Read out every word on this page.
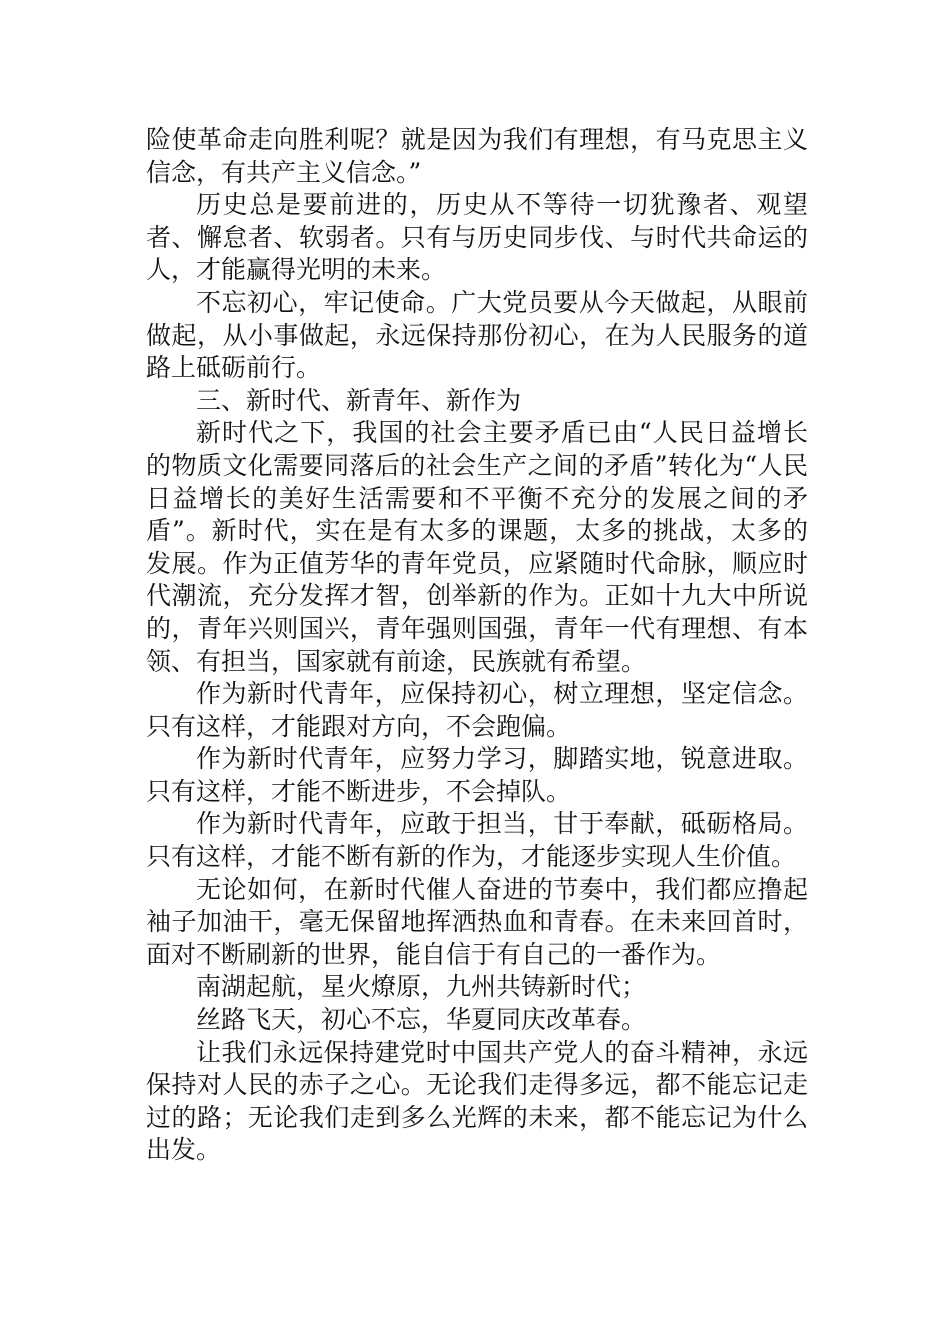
险使革命走向胜利呢？就是因为我们有理想，有马克思主义信念，有共产主义信念。”

历史总是要前进的，历史从不等待一切犹豫者、观望者、懈怠者、软弱者。只有与历史同步伐、与时代共命运的人，才能赢得光明的未来。

不忘初心，牢记使命。广大党员要从今天做起，从眼前做起，从小事做起，永远保持那份初心，在为人民服务的道路上砥砺前行。

三、新时代、新青年、新作为

新时代之下，我国的社会主要矛盾已由“人民日益增长的物质文化需要同落后的社会生产之间的矛盾”转化为“人民日益增长的美好生活需要和不平衡不充分的发展之间的矛盾”。新时代，实在是有太多的课题，太多的挑战，太多的发展。作为正值芳华的青年党员，应紧随时代命脉，顺应时代潮流，充分发挥才智，创举新的作为。正如十九大中所说的，青年兴则国兴，青年强则国强，青年一代有理想、有本领、有担当，国家就有前途，民族就有希望。

作为新时代青年，应保持初心，树立理想，坚定信念。只有这样，才能跟对方向，不会跑偏。

作为新时代青年，应努力学习，脚踏实地，锐意进取。只有这样，才能不断进步，不会掉队。

作为新时代青年，应敢于担当，甘于奉献，砥砺格局。只有这样，才能不断有新的作为，才能逐步实现人生价值。

无论如何，在新时代催人奋进的节奏中，我们都应撸起袖子加油干，毫无保留地挥洒热血和青春。在未来回首时，面对不断刷新的世界，能自信于有自己的一番作为。

南湖起航，星火燎原，九州共铸新时代；

丝路飞天，初心不忘，华夏同庆改革春。

让我们永远保持建党时中国共产党人的奋斗精神，永远保持对人民的赤子之心。无论我们走得多远，都不能忘记走过的路；无论我们走到多么光辉的未来，都不能忘记为什么出发。
